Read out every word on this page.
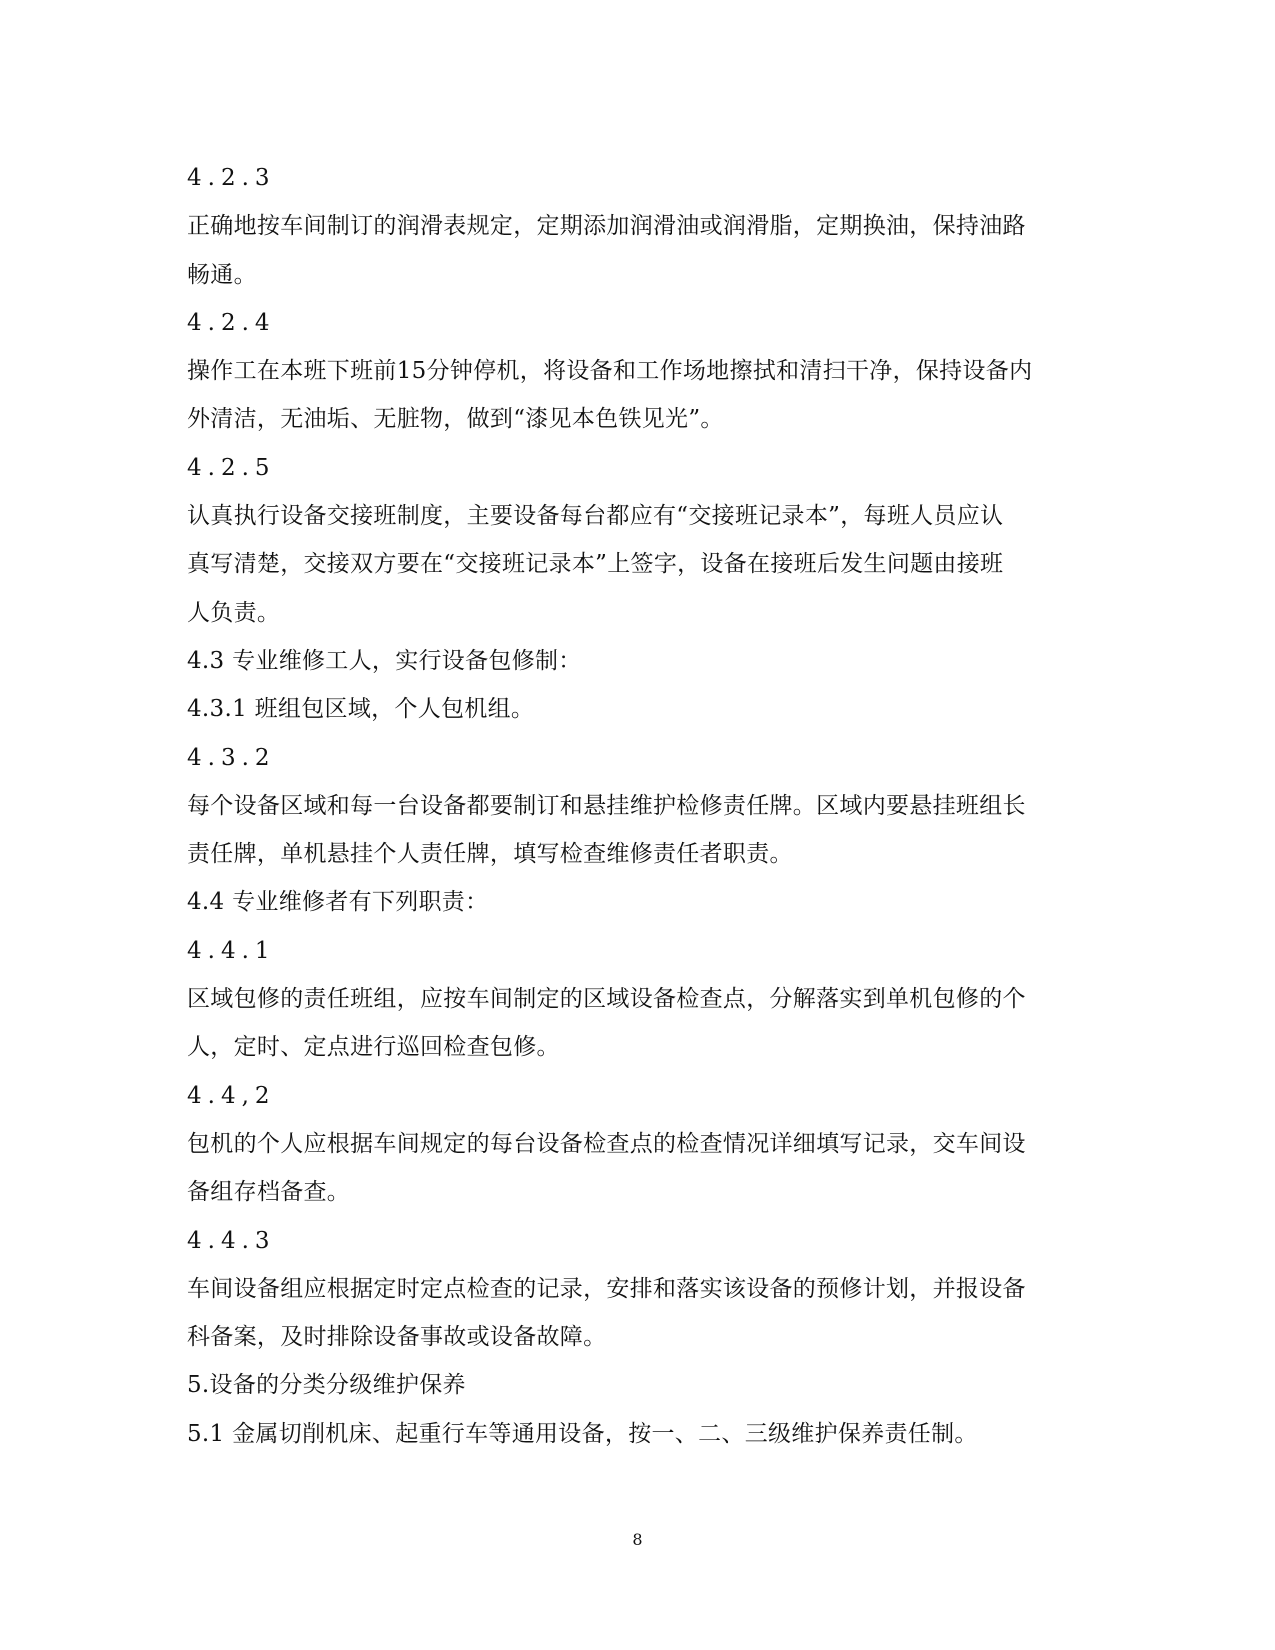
4.2.3
正确地按车间制订的润滑表规定，定期添加润滑油或润滑脂，定期换油，保持油路
畅通。
4.2.4
操作工在本班下班前15分钟停机，将设备和工作场地擦拭和清扫干净，保持设备内
外清洁，无油垢、无脏物，做到“漆见本色铁见光”。
4.2.5
认真执行设备交接班制度，主要设备每台都应有“交接班记录本”，每班人员应认
真写清楚，交接双方要在“交接班记录本”上签字，设备在接班后发生问题由接班
人负责。
4.3 专业维修工人，实行设备包修制：
4.3.1 班组包区域，个人包机组。
4.3.2
每个设备区域和每一台设备都要制订和悬挂维护检修责任牌。区域内要悬挂班组长
责任牌，单机悬挂个人责任牌，填写检查维修责任者职责。
4.4 专业维修者有下列职责：
4.4.1
区域包修的责任班组，应按车间制定的区域设备检查点，分解落实到单机包修的个
人，定时、定点进行巡回检查包修。
4.4,2
包机的个人应根据车间规定的每台设备检查点的检查情况详细填写记录，交车间设
备组存档备查。
4.4.3
车间设备组应根据定时定点检查的记录，安排和落实该设备的预修计划，并报设备
科备案，及时排除设备事故或设备故障。
5.设备的分类分级维护保养
5.1 金属切削机床、起重行车等通用设备，按一、二、三级维护保养责任制。
8
